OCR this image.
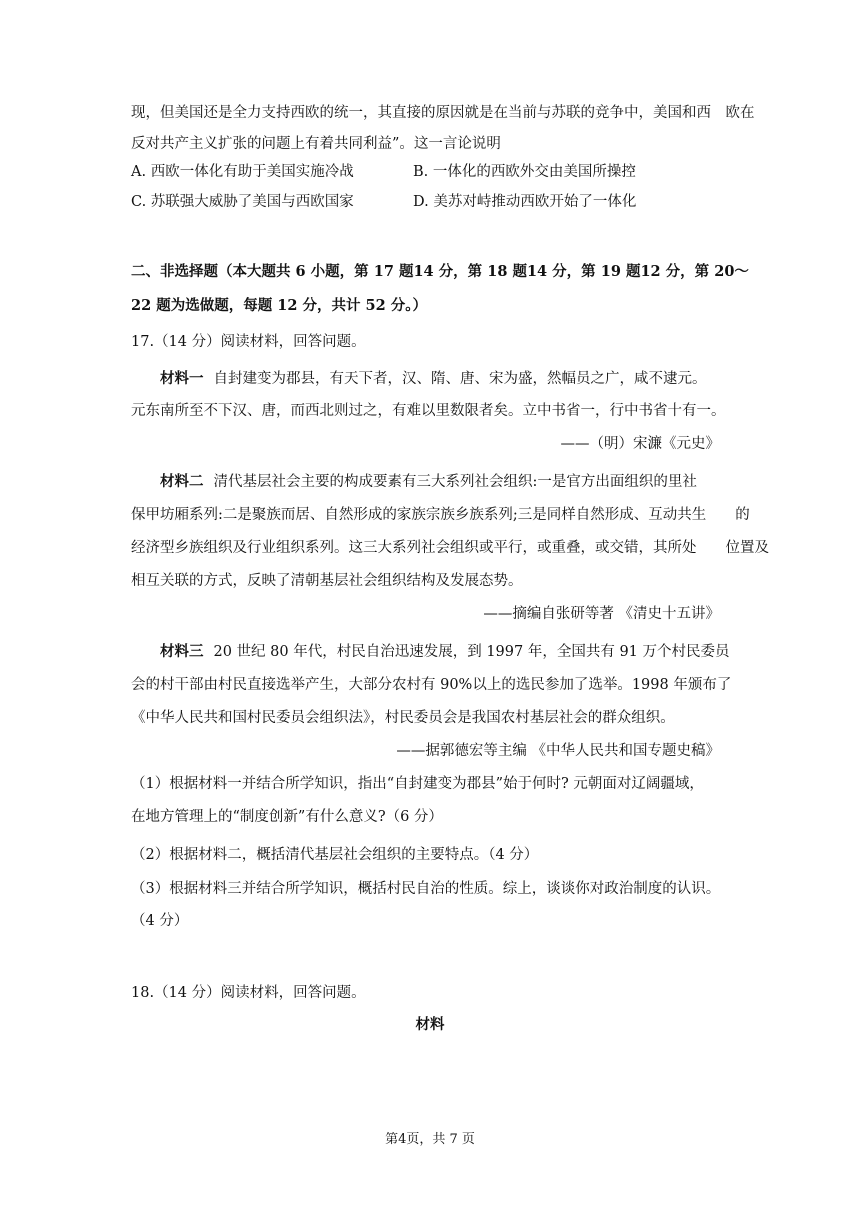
现，但美国还是全力支持西欧的统一，其直接的原因就是在当前与苏联的竞争中，美国和西　欧在
反对共产主义扩张的问题上有着共同利益”。这一言论说明
A. 西欧一体化有助于美国实施冷战	B. 一体化的西欧外交由美国所操控
C. 苏联强大威胁了美国与西欧国家	D. 美苏对峙推动西欧开始了一体化
二、非选择题（本大题共 6 小题，第 17 题14 分，第 18 题14 分，第 19 题12 分，第 20～
22 题为选做题，每题 12 分，共计 52 分。）
17.（14 分）阅读材料，回答问题。
材料一 自封建变为郡县，有天下者，汉、隋、唐、宋为盛，然幅员之广，咸不逮元。
元东南所至不下汉、唐，而西北则过之，有难以里数限者矣。立中书省一，行中书省十有一。
——（明）宋濂《元史》
材料二 清代基层社会主要的构成要素有三大系列社会组织:一是官方出面组织的里社
保甲坊厢系列:二是聚族而居、自然形成的家族宗族乡族系列;三是同样自然形成、互动共生　　的
经济型乡族组织及行业组织系列。这三大系列社会组织或平行，或重叠，或交错，其所处　　位置及
相互关联的方式，反映了清朝基层社会组织结构及发展态势。
——摘编自张研等著 《清史十五讲》
材料三 20 世纪 80 年代，村民自治迅速发展，到 1997 年，全国共有 91 万个村民委员
会的村干部由村民直接选举产生，大部分农村有 90%以上的选民参加了选举。1998 年颁布了
《中华人民共和国村民委员会组织法》，村民委员会是我国农村基层社会的群众组织。
——据郭德宏等主编 《中华人民共和国专题史稿》
（1）根据材料一并结合所学知识，指出“自封建变为郡县”始于何时? 元朝面对辽阔疆域，
在地方管理上的“制度创新”有什么意义?（6 分）
（2）根据材料二，概括清代基层社会组织的主要特点。（4 分）
（3）根据材料三并结合所学知识，概括村民自治的性质。综上，谈谈你对政治制度的认识。
（4 分）
18.（14 分）阅读材料，回答问题。
材料
第4页，共 7 页
